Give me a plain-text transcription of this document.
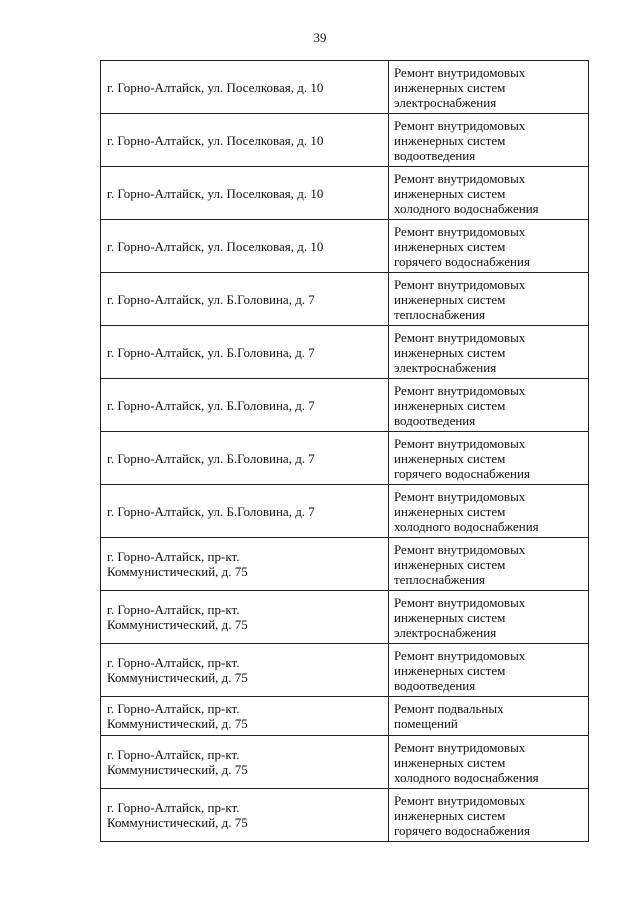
39
г. Горно-Алтайск, ул. Поселковая, д. 10	Ремонт внутридомовых
инженерных систем
электроснабжения

г. Горно-Алтайск, ул. Поселковая, д. 10	Ремонт внутридомовых
инженерных систем
водоотведения

г. Горно-Алтайск, ул. Поселковая, д. 10	Ремонт внутридомовых
инженерных систем
холодного водоснабжения

г. Горно-Алтайск, ул. Поселковая, д. 10	Ремонт внутридомовых
инженерных систем
горячего водоснабжения

г. Горно-Алтайск, ул. Б.Головина, д. 7	Ремонт внутридомовых
инженерных систем
теплоснабжения

г. Горно-Алтайск, ул. Б.Головина, д. 7	Ремонт внутридомовых
инженерных систем
электроснабжения

г. Горно-Алтайск, ул. Б.Головина, д. 7	Ремонт внутридомовых
инженерных систем
водоотведения

г. Горно-Алтайск, ул. Б.Головина, д. 7	Ремонт внутридомовых
инженерных систем
горячего водоснабжения

г. Горно-Алтайск, ул. Б.Головина, д. 7	Ремонт внутридомовых
инженерных систем
холодного водоснабжения

г. Горно-Алтайск, пр-кт.
Коммунистический, д. 75	Ремонт внутридомовых
инженерных систем
теплоснабжения

г. Горно-Алтайск, пр-кт.
Коммунистический, д. 75	Ремонт внутридомовых
инженерных систем
электроснабжения

г. Горно-Алтайск, пр-кт.
Коммунистический, д. 75	Ремонт внутридомовых
инженерных систем
водоотведения

г. Горно-Алтайск, пр-кт.
Коммунистический, д. 75	Ремонт подвальных
помещений

г. Горно-Алтайск, пр-кт.
Коммунистический, д. 75	Ремонт внутридомовых
инженерных систем
холодного водоснабжения

г. Горно-Алтайск, пр-кт.
Коммунистический, д. 75	Ремонт внутридомовых
инженерных систем
горячего водоснабжения
